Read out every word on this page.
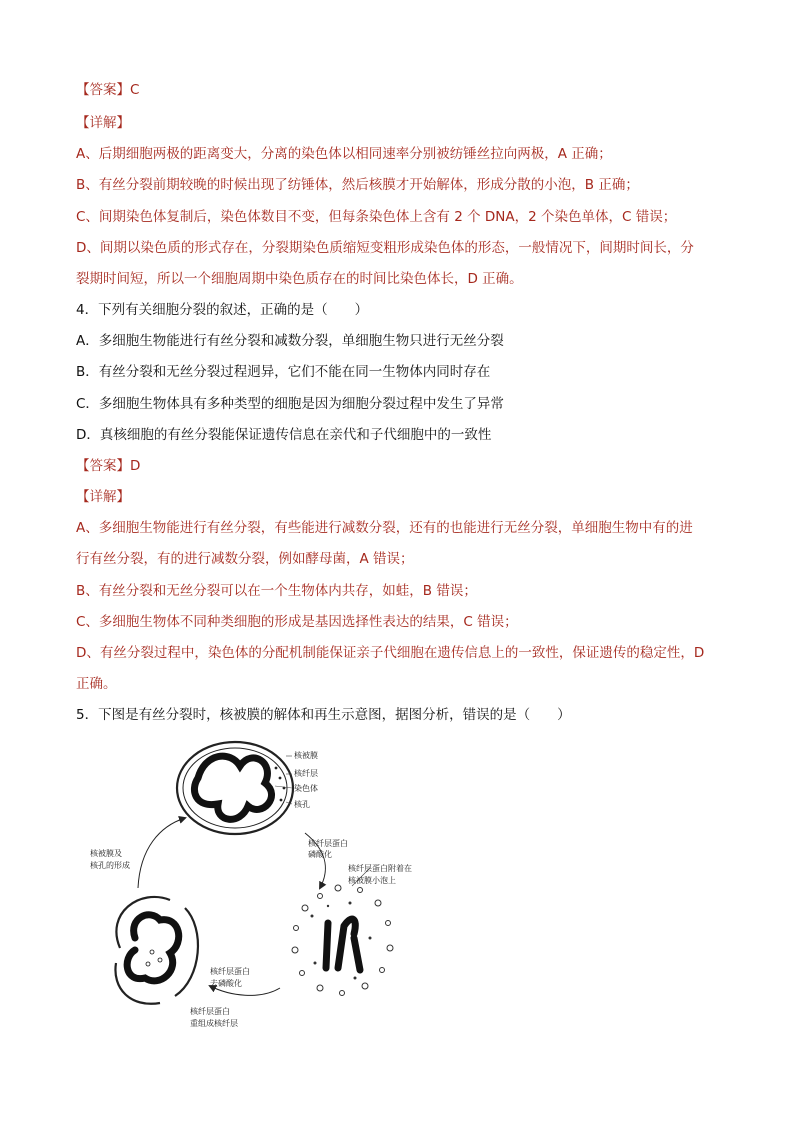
【答案】C
【详解】
A、后期细胞两极的距离变大，分离的染色体以相同速率分别被纺锤丝拉向两极，A 正确；
B、有丝分裂前期较晚的时候出现了纺锤体，然后核膜才开始解体，形成分散的小泡，B 正确；
C、间期染色体复制后，染色体数目不变，但每条染色体上含有 2 个 DNA，2 个染色单体，C 错误；
D、间期以染色质的形式存在，分裂期染色质缩短变粗形成染色体的形态，一般情况下，间期时间长，分
裂期时间短，所以一个细胞周期中染色质存在的时间比染色体长，D 正确。
4．下列有关细胞分裂的叙述，正确的是（　　）
A．多细胞生物能进行有丝分裂和减数分裂，单细胞生物只进行无丝分裂
B．有丝分裂和无丝分裂过程迥异，它们不能在同一生物体内同时存在
C．多细胞生物体具有多种类型的细胞是因为细胞分裂过程中发生了异常
D．真核细胞的有丝分裂能保证遗传信息在亲代和子代细胞中的一致性
【答案】D
【详解】
A、多细胞生物能进行有丝分裂，有些能进行减数分裂，还有的也能进行无丝分裂，单细胞生物中有的进
行有丝分裂，有的进行减数分裂，例如酵母菌，A 错误；
B、有丝分裂和无丝分裂可以在一个生物体内共存，如蛙，B 错误；
C、多细胞生物体不同种类细胞的形成是基因选择性表达的结果，C 错误；
D、有丝分裂过程中，染色体的分配机制能保证亲子代细胞在遗传信息上的一致性，保证遗传的稳定性，D
正确。
5．下图是有丝分裂时，核被膜的解体和再生示意图，据图分析，错误的是（　　）
核被膜
核纤层
染色体
核孔
核纤层蛋白
磷酸化
核纤层蛋白附着在
核被膜小泡上
核被膜及
核孔的形成
核纤层蛋白
去磷酸化
核纤层蛋白
重组成核纤层
